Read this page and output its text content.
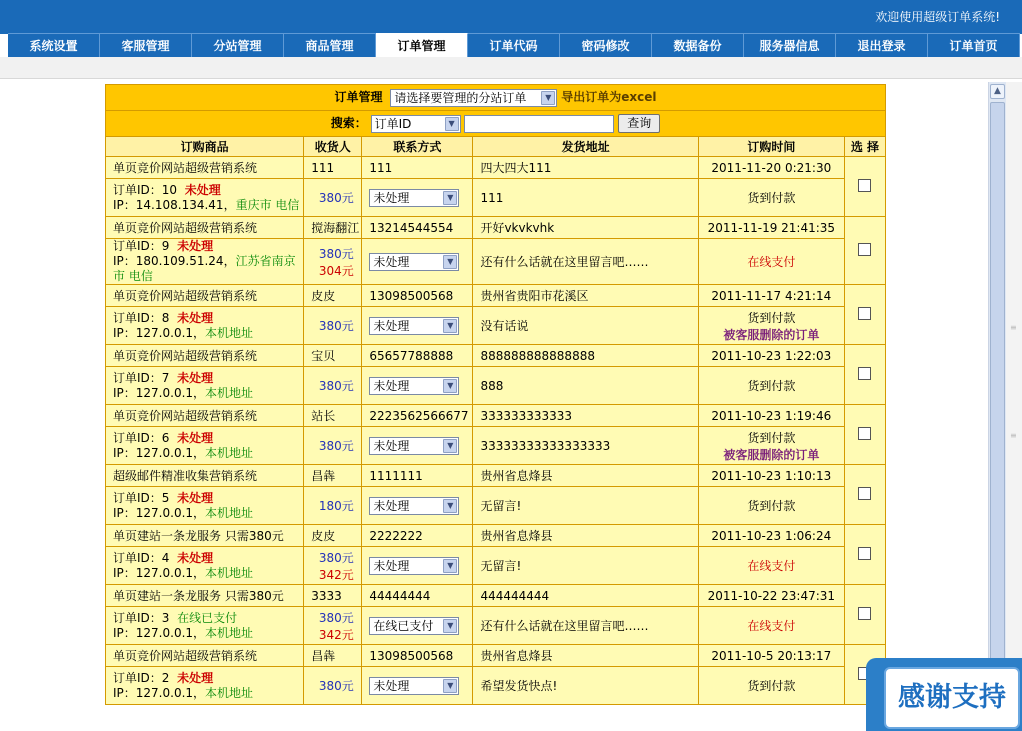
欢迎使用超级订单系统!
系统设置	客服管理	分站管理	商品管理	订单管理	订单代码	密码修改	数据备份	服务器信息	退出登录	订单首页
订单管理 请选择要管理的分站订单 ▼ 导出订单为excel					
搜索： 订单ID ▼ 查询					
订购商品	收货人	联系方式	发货地址	订购时间	选 择
单页竞价网站超级营销系统	111	111	四大四大111	2011-11-20 0:21:30	
订单ID：10 未处理
IP：14.108.134.41，重庆市 电信	380元	未处理 ▼	111	货到付款	
单页竞价网站超级营销系统	搅海翻江	13214544554	开好vkvkvhk	2011-11-19 21:41:35	
订单ID：9 未处理
IP：180.109.51.24，江苏省南京市 电信	380元
304元	未处理 ▼	还有什么话就在这里留言吧……	在线支付	
单页竞价网站超级营销系统	皮皮	13098500568	贵州省贵阳市花溪区	2011-11-17 4:21:14	
订单ID：8 未处理
IP：127.0.0.1，本机地址	380元	未处理 ▼	没有话说	货到付款
被客服删除的订单	

单页竞价网站超级营销系统	宝贝	65657788888	888888888888888	2011-10-23 1:22:03	
订单ID：7 未处理
IP：127.0.0.1，本机地址	380元	未处理 ▼	888	货到付款	
单页竞价网站超级营销系统	站长	2223562566677	333333333333	2011-10-23 1:19:46	
订单ID：6 未处理
IP：127.0.0.1，本机地址	380元	未处理 ▼	33333333333333333	货到付款
被客服删除的订单	

超级邮件精准收集营销系统	昌犇	1111111	贵州省息烽县	2011-10-23 1:10:13	
订单ID：5 未处理
IP：127.0.0.1，本机地址	180元	未处理 ▼	无留言!	货到付款	
单页建站一条龙服务 只需380元	皮皮	2222222	贵州省息烽县	2011-10-23 1:06:24	
订单ID：4 未处理
IP：127.0.0.1，本机地址	380元
342元	未处理 ▼	无留言!	在线支付	
单页建站一条龙服务 只需380元	3333	44444444	444444444	2011-10-22 23:47:31	
订单ID：3 在线已支付
IP：127.0.0.1，本机地址	380元
342元	在线已支付 ▼	还有什么话就在这里留言吧……	在线支付	
单页竞价网站超级营销系统	昌犇	13098500568	贵州省息烽县	2011-10-5 20:13:17	
订单ID：2 未处理
IP：127.0.0.1，本机地址	380元	未处理 ▼	希望发货快点!	货到付款	
▲
≡
≡
感谢支持
